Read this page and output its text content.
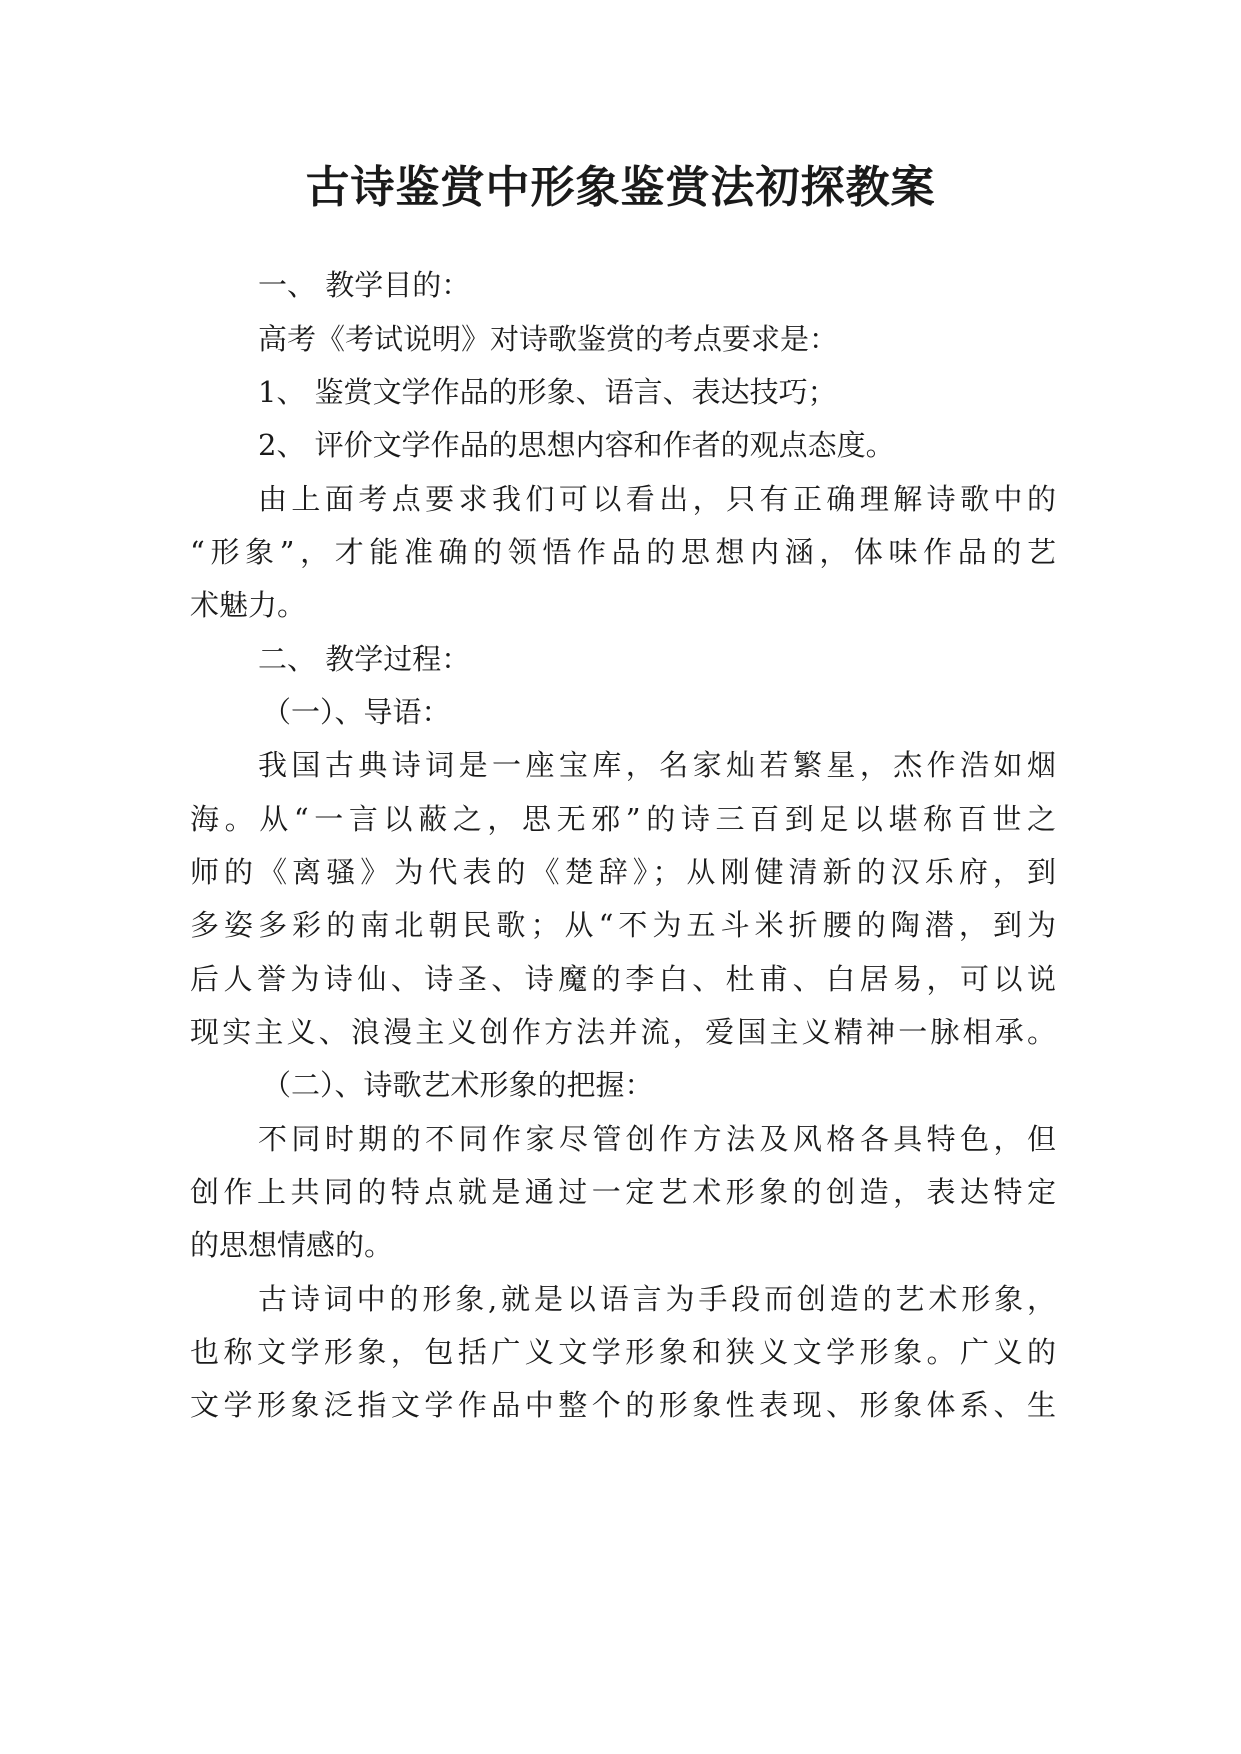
古诗鉴赏中形象鉴赏法初探教案
一、 教学目的：
高考《考试说明》对诗歌鉴赏的考点要求是：
1、 鉴赏文学作品的形象、语言、表达技巧；
2、 评价文学作品的思想内容和作者的观点态度。
由上面考点要求我们可以看出，只有正确理解诗歌中的
“形象”，才能准确的领悟作品的思想内涵，体味作品的艺
术魅力。
二、 教学过程：
（一）、导语：
我国古典诗词是一座宝库，名家灿若繁星，杰作浩如烟
海。从“一言以蔽之，思无邪”的诗三百到足以堪称百世之
师的《离骚》为代表的《楚辞》；从刚健清新的汉乐府，到
多姿多彩的南北朝民歌；从“不为五斗米折腰的陶潜，到为
后人誉为诗仙、诗圣、诗魔的李白、杜甫、白居易，可以说
现实主义、浪漫主义创作方法并流，爱国主义精神一脉相承。
（二）、诗歌艺术形象的把握：
不同时期的不同作家尽管创作方法及风格各具特色，但
创作上共同的特点就是通过一定艺术形象的创造，表达特定
的思想情感的。
古诗词中的形象,就是以语言为手段而创造的艺术形象，
也称文学形象，包括广义文学形象和狭义文学形象。广义的
文学形象泛指文学作品中整个的形象性表现、形象体系、生
